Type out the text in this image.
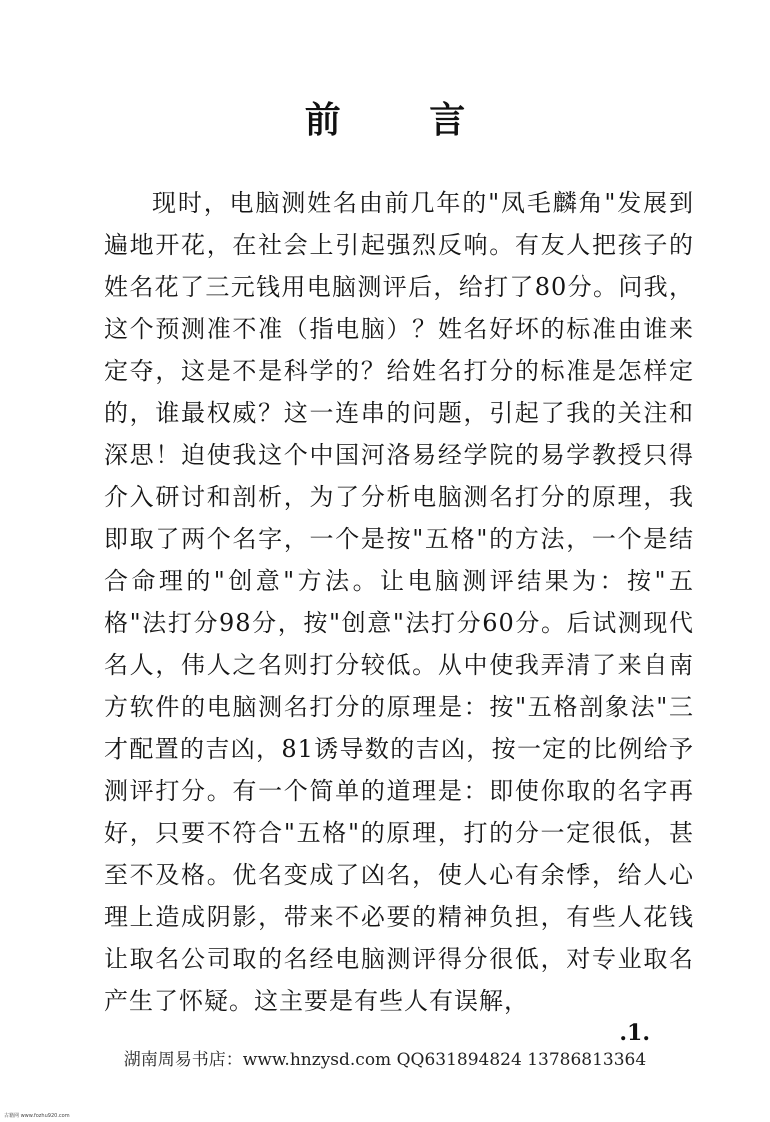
前 言

现时，电脑测姓名由前几年的"凤毛麟角"发展到遍地开花，在社会上引起强烈反响。有友人把孩子的姓名花了三元钱用电脑测评后，给打了80分。问我，这个预测准不准（指电脑）？姓名好坏的标准由谁来定夺，这是不是科学的？给姓名打分的标准是怎样定的，谁最权威？这一连串的问题，引起了我的关注和深思！迫使我这个中国河洛易经学院的易学教授只得介入研讨和剖析，为了分析电脑测名打分的原理，我即取了两个名字，一个是按"五格"的方法，一个是结合命理的"创意"方法。让电脑测评结果为：按"五格"法打分98分，按"创意"法打分60分。后试测现代名人，伟人之名则打分较低。从中使我弄清了来自南方软件的电脑测名打分的原理是：按"五格剖象法"三才配置的吉凶，81诱导数的吉凶，按一定的比例给予测评打分。有一个简单的道理是：即使你取的名字再好，只要不符合"五格"的原理，打的分一定很低，甚至不及格。优名变成了凶名，使人心有余悸，给人心理上造成阴影，带来不必要的精神负担，有些人花钱让取名公司取的名经电脑测评得分很低，对专业取名产生了怀疑。这主要是有些人有误解，

.1.
湖南周易书店：www.hnzysd.com QQ631894824 13786813364
古籍网 www.fozhu920.com
